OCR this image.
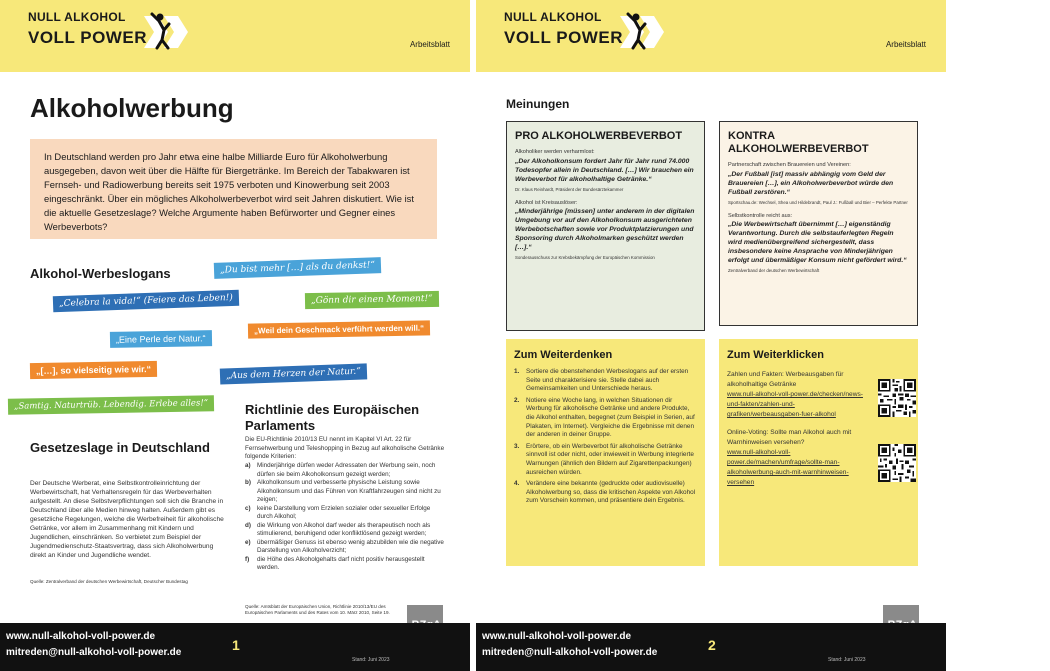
NULL ALKOHOL
VOLL POWER	Arbeitsblatt
Alkoholwerbung
In Deutschland werden pro Jahr etwa eine halbe Milliarde Euro für Alkoholwerbung ausgegeben, davon weit über die Hälfte für Biergetränke. Im Bereich der Tabakwaren ist Fernseh- und Radiowerbung bereits seit 1975 verboten und Kinowerbung seit 2003 eingeschränkt. Über ein mögliches Alkoholwerbeverbot wird seit Jahren diskutiert. Wie ist die aktuelle Gesetzeslage? Welche Argumente haben Befürworter und Gegner eines Werbeverbots?
Alkohol-Werbeslogans	„Du bist mehr […] als du denkst!“
„Celebra la vida!“ (Feiere das Leben!)	„Gönn dir einen Moment!“
„Eine Perle der Natur.“
„Weil dein Geschmack verführt werden will.“
„[…], so vielseitig wie wir.“	„Aus dem Herzen der Natur.“
„Samtig. Naturtrüb. Lebendig. Erlebe alles!“
Gesetzeslage in Deutschland
Der Deutsche Werberat, eine Selbstkontrolleinrichtung der Werbewirtschaft, hat Verhaltensregeln für das Werbeverhalten aufgestellt. An diese Selbstverpflichtungen soll sich die Branche in Deutschland über alle Medien hinweg halten. Außerdem gibt es gesetzliche Regelungen, welche die Werbefreiheit für alkoholische Getränke, vor allem im Zusammenhang mit Kindern und Jugendlichen, einschränken. So verbietet zum Beispiel der Jugendmedienschutz-Staatsvertrag, dass sich Alkoholwerbung direkt an Kinder und Jugendliche wendet.
Quelle: Zentralverband der deutschen Werbewirtschaft, Deutscher Bundestag
Richtlinie des Europäischen Parlaments
Die EU-Richtlinie 2010/13 EU nennt im Kapitel VI Art. 22 für Fernsehwerbung und Teleshopping in Bezug auf alkoholische Getränke folgende Kriterien:
a)	Minderjährige dürfen weder Adressaten der Werbung sein, noch dürfen sie beim Alkoholkonsum gezeigt werden;
b) Alkoholkonsum und verbesserte physische Leistung sowie Alkoholkonsum und das Führen von Kraftfahrzeugen sind nicht zu zeigen;
c)	keine Darstellung vom Erzielen sozialer oder sexueller Erfolge durch Alkohol;
d) die Wirkung von Alkohol darf weder als therapeutisch noch als stimulierend, beruhigend oder konfliktlösend gezeigt werden;
e)	übermäßiger Genuss ist ebenso wenig abzubilden wie die negative Darstellung von Alkoholverzicht;
f)	die Höhe des Alkoholgehalts darf nicht positiv herausgestellt werden.
Quelle: Amtsblatt der Europäischen Union, Richtlinie 2010/13/EU des Europäischen Parlaments und des Rates vom 10. März 2010, Seite 19.
www.null-alkohol-voll-power.de
mitreden@null-alkohol-voll-power.de	1
Stand: Juni 2023
NULL ALKOHOL
VOLL POWER	Arbeitsblatt
Meinungen
PRO ALKOHOLWERBEVERBOT
Alkoholiker werden verharmlost:
„Der Alkoholkonsum fordert Jahr für Jahr rund 74.000 Todesopfer allein in Deutschland. […] Wir brauchen ein Werbeverbot für alkoholhaltige Getränke.“
Dr. Klaus Reinhardt, Präsident der Bundesärztekammer
Alkohol ist Kreisauslöser:
„Minderjährige [müssen] unter anderem in der digitalen Umgebung vor auf den Alkoholkonsum ausgerichteten Werbebotschaften sowie vor Produktplatzierungen und Sponsoring durch Alkoholmarken geschützt werden […].“
Sonderausschuss zur Krebsbekämpfung der Europäischen Kommission
KONTRA ALKOHOLWERBEVERBOT
Partnerschaft zwischen Brauereien und Vereinen:
„Der Fußball [ist] massiv abhängig vom Geld der Brauereien […], ein Alkoholwerbeverbot würde den Fußball zerstören.“
Sportschau.de: Wechsel, Shea und Hildebrandt, Paul J.: Fußball und Bier – Perfekte Partner
Selbstkontrolle reicht aus:
„Die Werbewirtschaft übernimmt […] eigenständig Verantwortung. Durch die selbstauferlegten Regeln wird medienübergreifend sichergestellt, dass insbesondere keine Ansprache von Minderjährigen erfolgt und übermäßiger Konsum nicht gefördert wird.“
Zentralverband der deutschen Werbewirtschaft
Zum Weiterdenken
1.	Sortiere die obenstehenden Werbeslogans auf der ersten Seite und charakterisiere sie. Stelle dabei auch Gemeinsamkeiten und Unterschiede heraus.
2.	Notiere eine Woche lang, in welchen Situationen dir Werbung für alkoholische Getränke und andere Produkte, die Alkohol enthalten, begegnet (zum Beispiel in Serien, auf Plakaten, im Internet). Vergleiche die Ergebnisse mit denen der anderen in deiner Gruppe.
3.	Erörtere, ob ein Werbeverbot für alkoholische Getränke sinnvoll ist oder nicht, oder inwieweit in Werbung integrierte Warnungen (ähnlich den Bildern auf Zigarettenpackungen) ausreichen würden.
4.	Verändere eine bekannte (gedruckte oder audiovisuelle) Alkoholwerbung so, dass die kritischen Aspekte von Alkohol zum Vorschein kommen, und präsentiere dein Ergebnis.
Zum Weiterklicken
Zahlen und Fakten: Werbeausgaben für alkoholhaltige Getränke
www.null-alkohol-voll-power.de/checken/news-und-fakten/zahlen-und-grafiken/werbeausgaben-fuer-alkohol
Online-Voting: Sollte man Alkohol auch mit Warnhinweisen versehen?
www.null-alkohol-voll-power.de/machen/umfrage/sollte-man-alkoholwerbung-auch-mit-warnhinweisen-versehen
www.null-alkohol-voll-power.de
mitreden@null-alkohol-voll-power.de	2
Stand: Juni 2023
